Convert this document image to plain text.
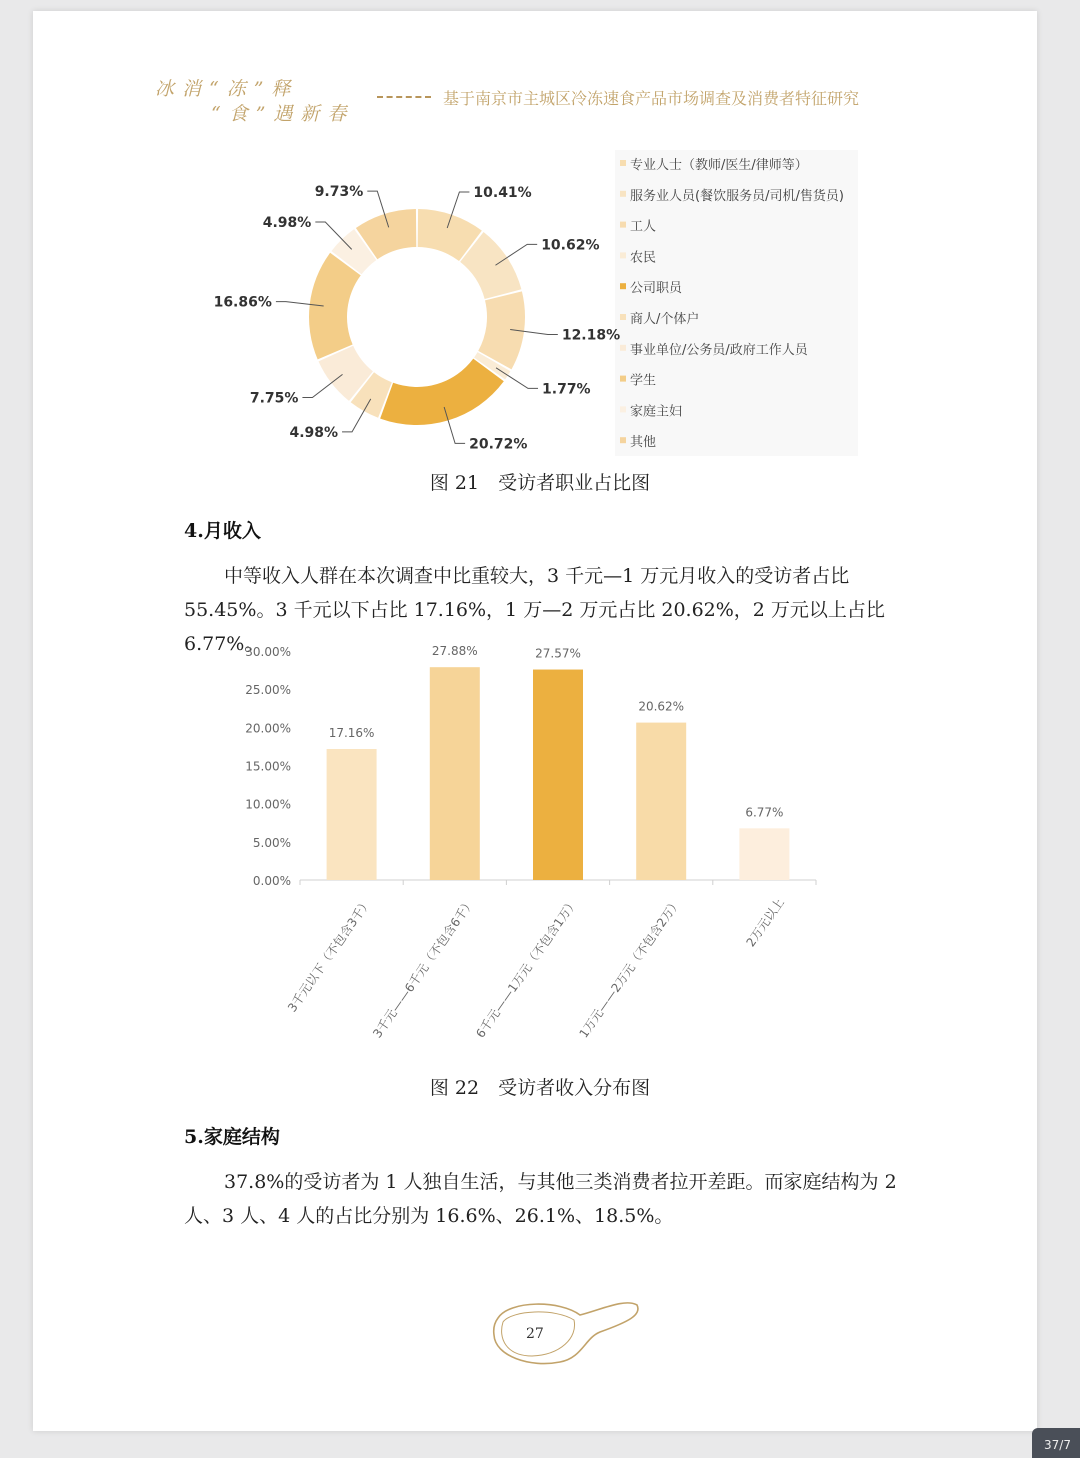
冰消“冻”释
“食”遇新春
基于南京市主城区冷冻速食产品市场调查及消费者特征研究
10.41%
10.62%
12.18%
1.77%
20.72%
4.98%
7.75%
16.86%
4.98%
9.73%
专业人士（教师/医生/律师等）
服务业人员(餐饮服务员/司机/售货员)
工人
农民
公司职员
商人/个体户
事业单位/公务员/政府工作人员
学生
家庭主妇
其他
图 21　受访者职业占比图
4.月收入

中等收入人群在本次调查中比重较大，3 千元—1 万元月收入的受访者占比55.45%。3 千元以下占比 17.16%，1 万—2 万元占比 20.62%，2 万元以上占比 6.77%。

0.00%
5.00%
10.00%
15.00%
20.00%
25.00%
30.00%
17.16%
3千元以下（不包含3千）
27.88%
3千元——6千元（不包含6千）
27.57%
6千元——1万元（不包含1万）
20.62%
1万元——2万元（不包含2万）
6.77%
2万元以上
图 22　受访者收入分布图
5.家庭结构

37.8%的受访者为 1 人独自生活，与其他三类消费者拉开差距。而家庭结构为 2 人、3 人、4 人的占比分别为 16.6%、26.1%、18.5%。

27
37/7
